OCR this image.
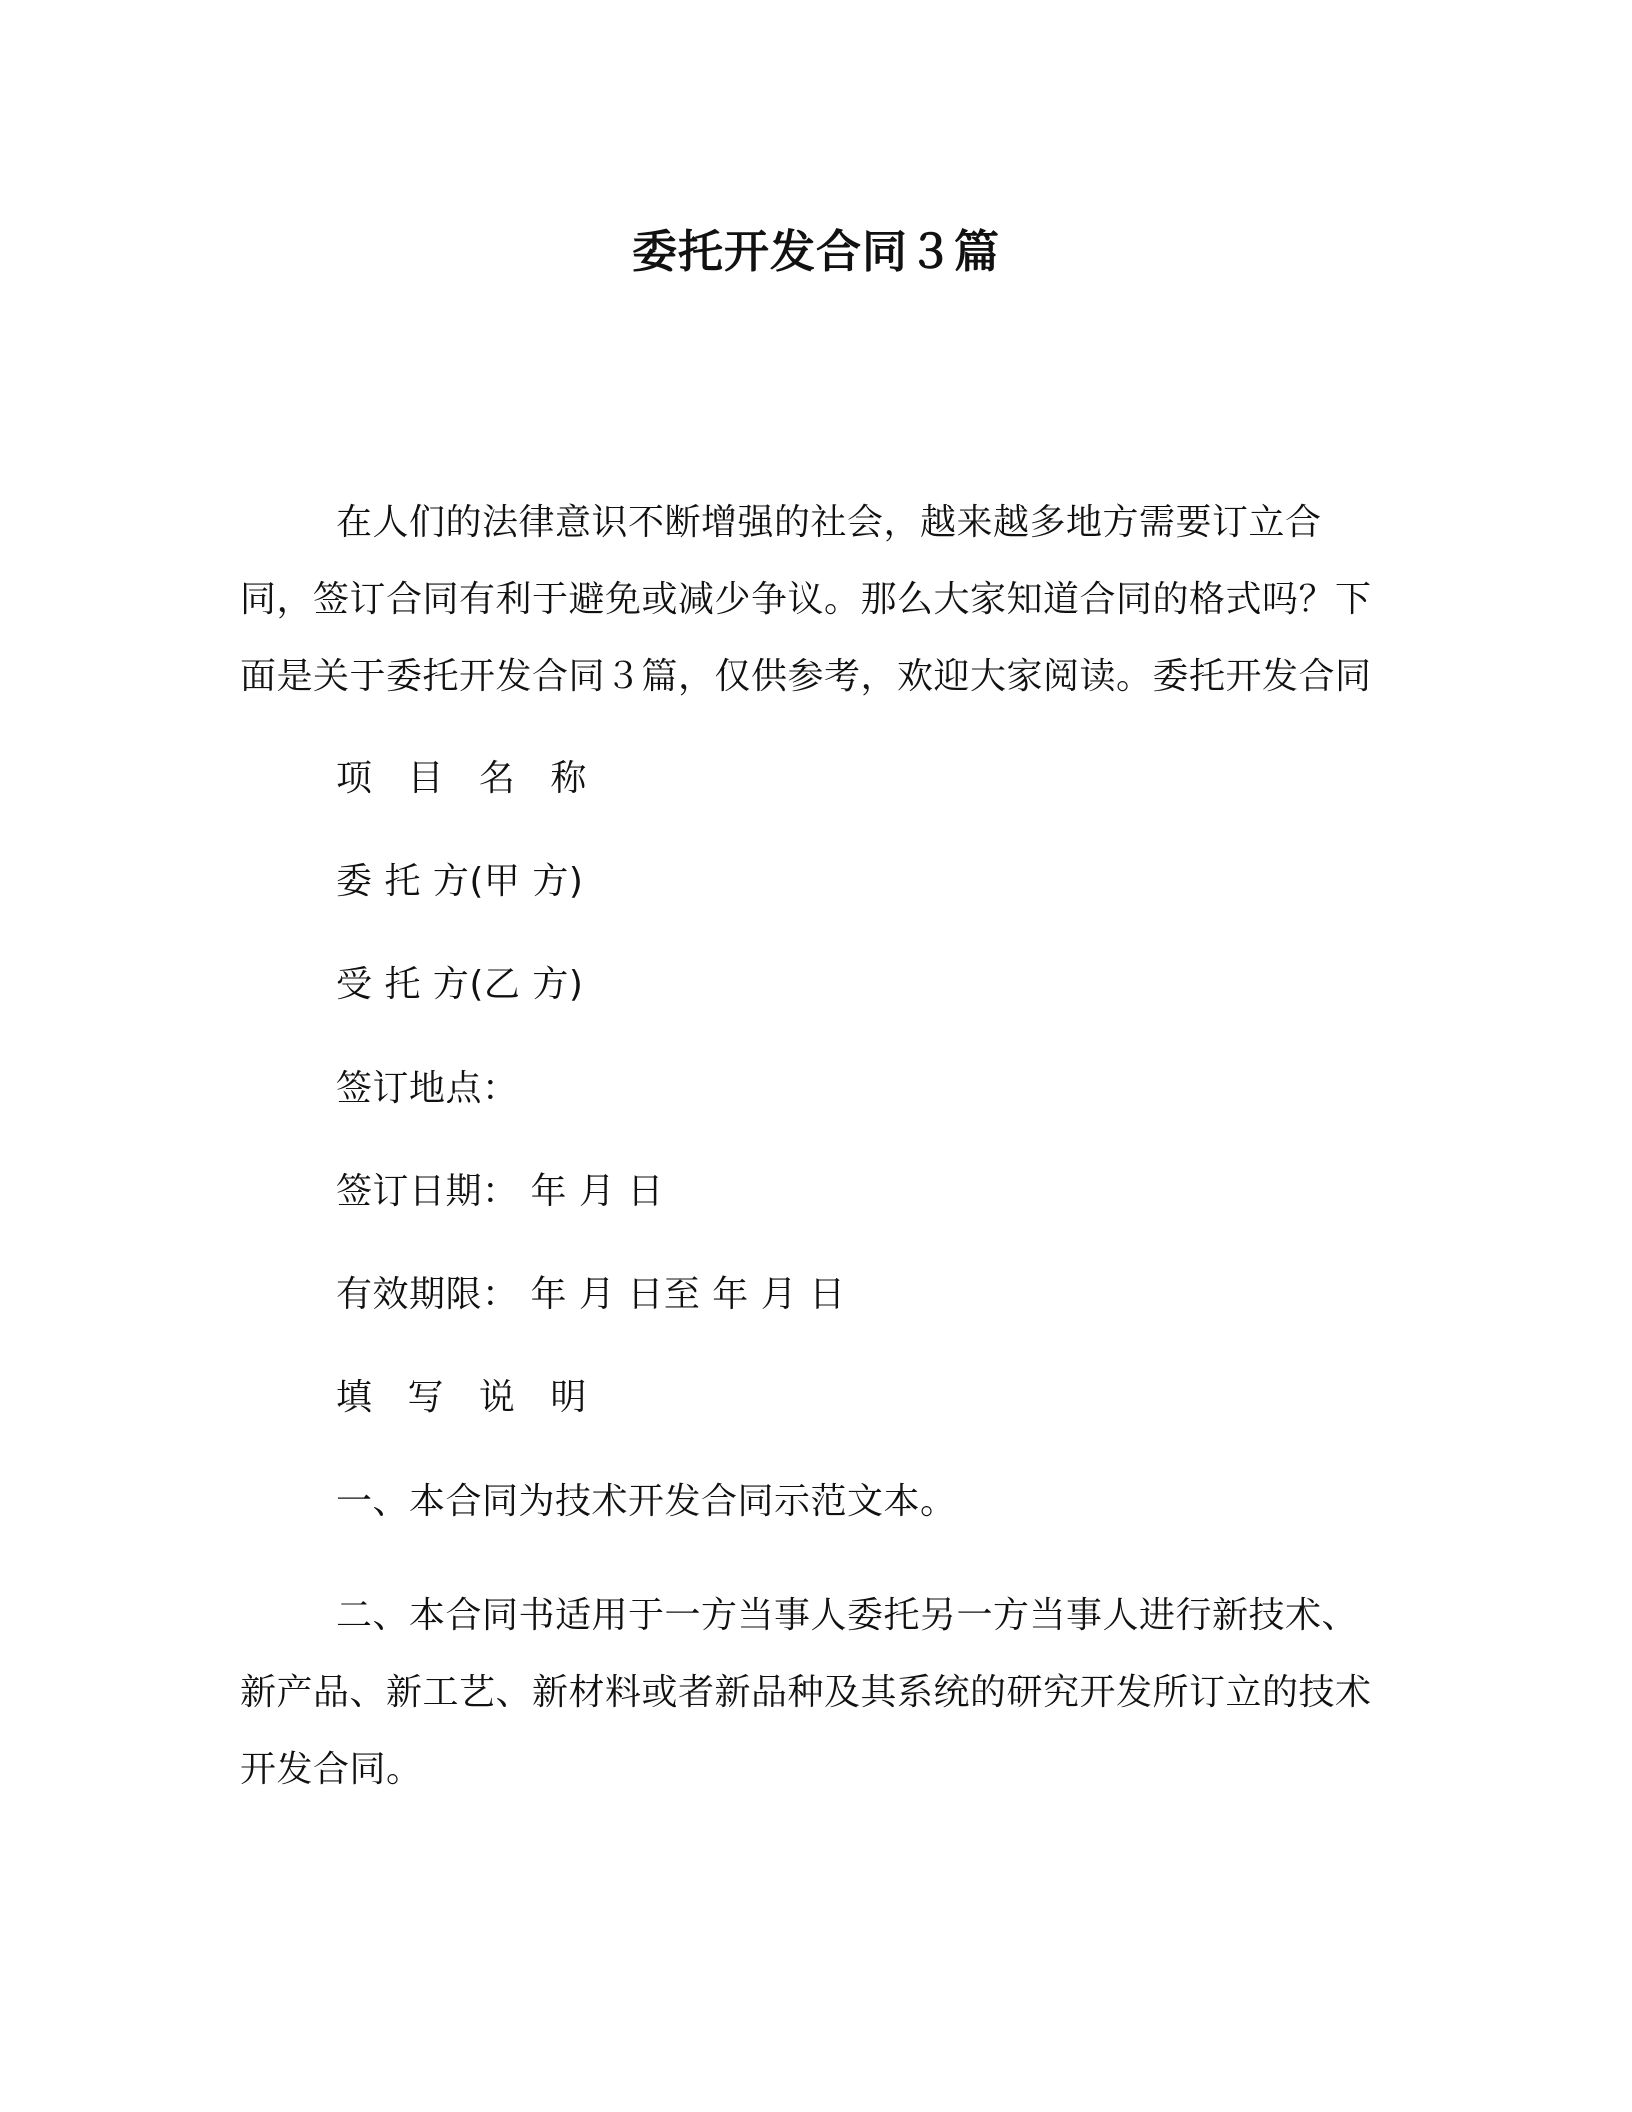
委托开发合同３篇
在人们的法律意识不断增强的社会，越来越多地方需要订立合同，签订合同有利于避免或减少争议。那么大家知道合同的格式吗？下面是关于委托开发合同３篇，仅供参考，欢迎大家阅读。委托开发合同
项 目 名 称
委 托 方(甲 方)
受 托 方(乙 方)
签订地点：
签订日期： 年 月 日
有效期限： 年 月 日至 年 月 日
填 写 说 明
一、本合同为技术开发合同示范文本。
二、本合同书适用于一方当事人委托另一方当事人进行新技术、新产品、新工艺、新材料或者新品种及其系统的研究开发所订立的技术开发合同。
